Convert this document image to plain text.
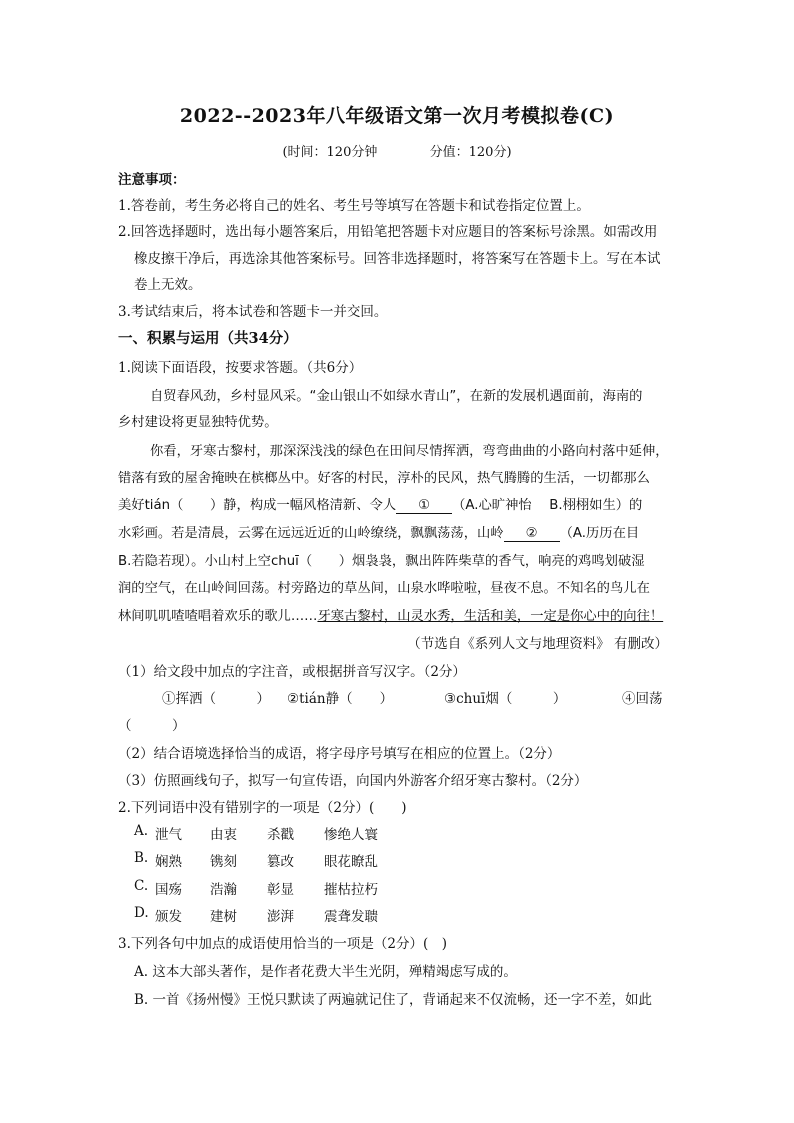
2022--2023年八年级语文第一次月考模拟卷(C)
(时间：120分钟	分值：120分)
注意事项：
1.答卷前，考生务必将自己的姓名、考生号等填写在答题卡和试卷指定位置上。
2.回答选择题时，选出每小题答案后，用铅笔把答题卡对应题目的答案标号涂黑。如需改用
橡皮擦干净后，再选涂其他答案标号。回答非选择题时，将答案写在答题卡上。写在本试
卷上无效。
3.考试结束后，将本试卷和答题卡一并交回。
一、积累与运用（共34分）
1.阅读下面语段，按要求答题。（共6分）
自贸春风劲，乡村显风采。“金山银山不如绿水青山”，在新的发展机遇面前，海南的
乡村建设将更显独特优势。
你看，牙寒古黎村，那深深浅浅的绿色在田间尽情挥洒，弯弯曲曲的小路向村落中延伸，
错落有致的屋舍掩映在槟榔丛中。好客的村民，淳朴的民风，热气腾腾的生活，一切都那么
美好tián（　　）静，构成一幅风格清新、令人 ① （A.心旷神怡　 B.栩栩如生）的
水彩画。若是清晨，云雾在远远近近的山岭缭绕，飘飘荡荡，山岭 ② （A.历历在目
B.若隐若现）。小山村上空chuī（　　）烟袅袅，飘出阵阵柴草的香气，响亮的鸡鸣划破湿
润的空气，在山岭间回荡。村旁路边的草丛间，山泉水哗啦啦，昼夜不息。不知名的鸟儿在
林间叽叽喳喳唱着欢乐的歌儿……牙寒古黎村，山灵水秀，生活和美，一定是你心中的向往！
（节选自《系列人文与地理资料》 有删改）
（1）给文段中加点的字注音，或根据拼音写汉字。（2分）
①挥洒（　　　） ②tián静（　　）	③chuī烟（　　　）	④回荡
（　　　）
（2）结合语境选择恰当的成语，将字母序号填写在相应的位置上。（2分）
（3）仿照画线句子，拟写一句宣传语，向国内外游客介绍牙寒古黎村。（2分）
2.下列词语中没有错别字的一项是（2分）(　　)
A. 泄气 由衷 杀戳 惨绝人寰
B. 娴熟 镌刻 篡改 眼花瞭乱
C. 国殇 浩瀚 彰显 摧枯拉朽
D. 颁发 建树 澎湃 震聋发聩
3.下列各句中加点的成语使用恰当的一项是（2分）(　)
A. 这本大部头著作，是作者花费大半生光阴，殚精竭虑写成的。
B. 一首《扬州慢》王悦只默读了两遍就记住了，背诵起来不仅流畅，还一字不差，如此
